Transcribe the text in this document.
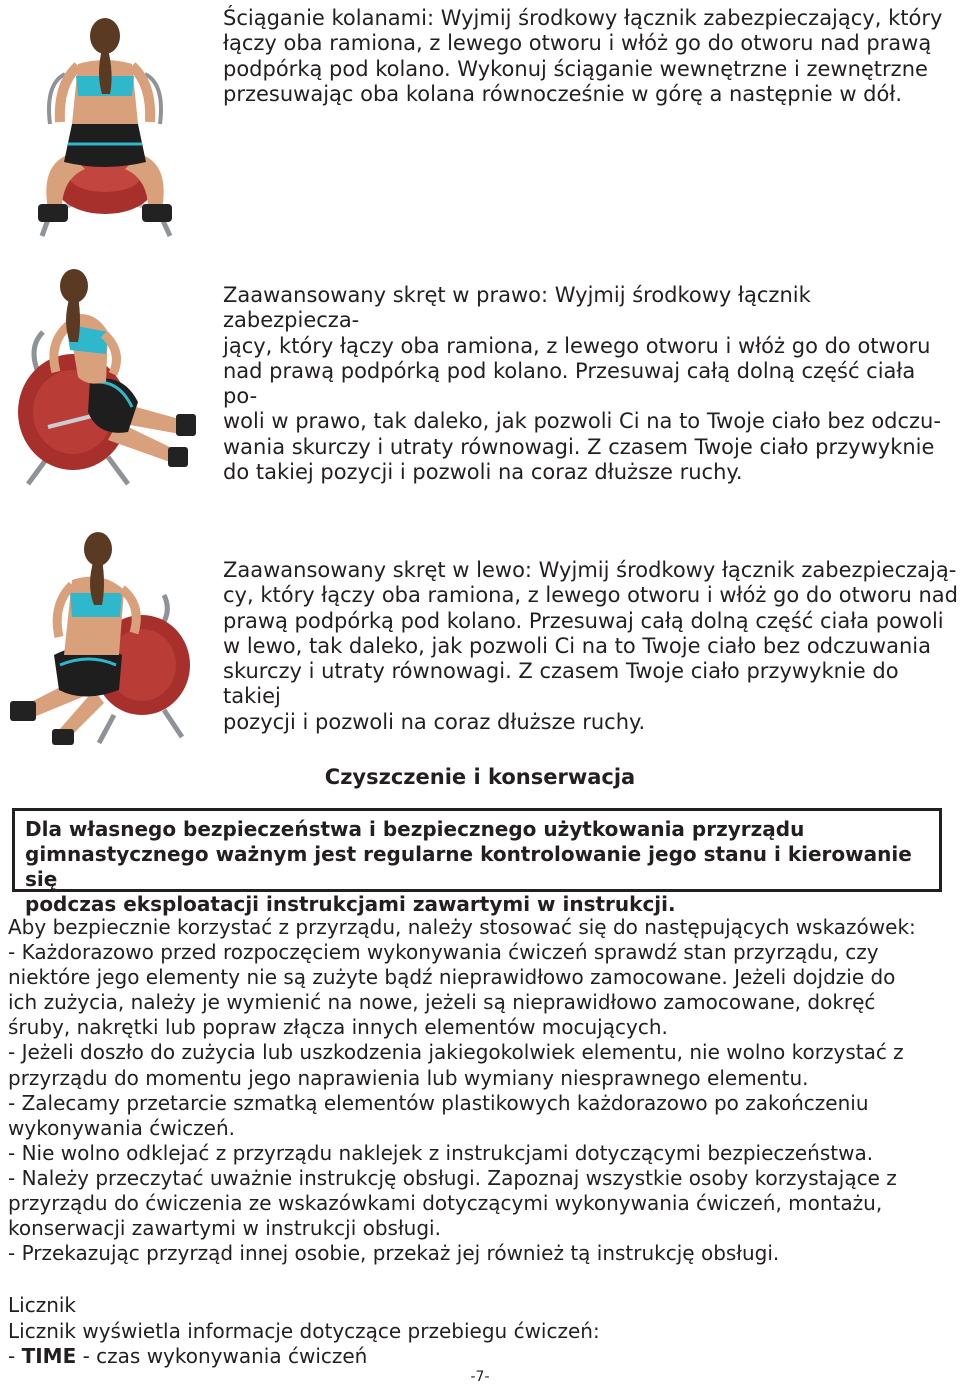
Ściąganie kolanami: Wyjmij środkowy łącznik zabezpieczający, który

łączy oba ramiona, z lewego otworu i włóż go do otworu nad prawą

podpórką pod kolano. Wykonuj ściąganie wewnętrzne i zewnętrzne

przesuwając oba kolana równocześnie w górę a następnie w dół.

Zaawansowany skręt w prawo: Wyjmij środkowy łącznik zabezpiecza-

jący, który łączy oba ramiona, z lewego otworu i włóż go do otworu

nad prawą podpórką pod kolano. Przesuwaj całą dolną część ciała po-

woli w prawo, tak daleko, jak pozwoli Ci na to Twoje ciało bez odczu-

wania skurczy i utraty równowagi. Z czasem Twoje ciało przywyknie

do takiej pozycji i pozwoli na coraz dłuższe ruchy.

Zaawansowany skręt w lewo: Wyjmij środkowy łącznik zabezpieczają-

cy, który łączy oba ramiona, z lewego otworu i włóż go do otworu nad

prawą podpórką pod kolano. Przesuwaj całą dolną część ciała powoli

w lewo, tak daleko, jak pozwoli Ci na to Twoje ciało bez odczuwania

skurczy i utraty równowagi. Z czasem Twoje ciało przywyknie do takiej

pozycji i pozwoli na coraz dłuższe ruchy.

Czyszczenie i konserwacja
Dla własnego bezpieczeństwa i bezpiecznego użytkowania przyrządu
gimnastycznego ważnym jest regularne kontrolowanie jego stanu i kierowanie się
podczas eksploatacji instrukcjami zawartymi w instrukcji.

Aby bezpiecznie korzystać z przyrządu, należy stosować się do następujących wskazówek:

- Każdorazowo przed rozpoczęciem wykonywania ćwiczeń sprawdź stan przyrządu, czy

niektóre jego elementy nie są zużyte bądź nieprawidłowo zamocowane. Jeżeli dojdzie do

ich zużycia, należy je wymienić na nowe, jeżeli są nieprawidłowo zamocowane, dokręć

śruby, nakrętki lub popraw złącza innych elementów mocujących.

- Jeżeli doszło do zużycia lub uszkodzenia jakiegokolwiek elementu, nie wolno korzystać z

przyrządu do momentu jego naprawienia lub wymiany niesprawnego elementu.

- Zalecamy przetarcie szmatką elementów plastikowych każdorazowo po zakończeniu

wykonywania ćwiczeń.

- Nie wolno odklejać z przyrządu naklejek z instrukcjami dotyczącymi bezpieczeństwa.

- Należy przeczytać uważnie instrukcję obsługi. Zapoznaj wszystkie osoby korzystające z

przyrządu do ćwiczenia ze wskazówkami dotyczącymi wykonywania ćwiczeń, montażu,

konserwacji zawartymi w instrukcji obsługi.

- Przekazując przyrząd innej osobie, przekaż jej również tą instrukcję obsługi.

Licznik

Licznik wyświetla informacje dotyczące przebiegu ćwiczeń:

- TIME - czas wykonywania ćwiczeń

-7-
